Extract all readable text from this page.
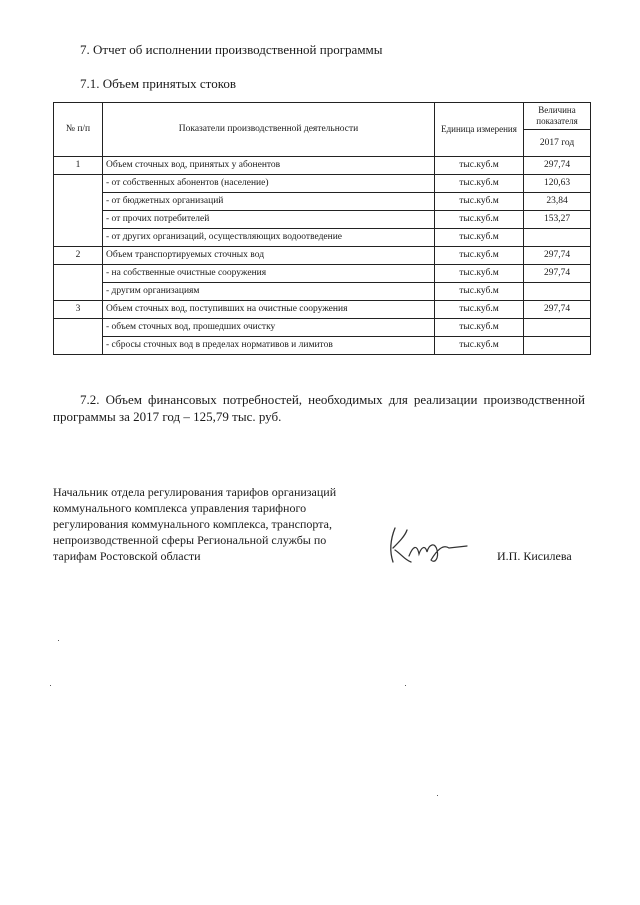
7. Отчет об исполнении производственной программы
7.1. Объем принятых стоков
№ п/п	Показатели производственной деятельности	Единица измерения	Величина показателя
			2017 год
1	Объем сточных вод, принятых у абонентов	тыс.куб.м	297,74
	- от собственных абонентов (население)	тыс.куб.м	120,63
	- от бюджетных организаций	тыс.куб.м	23,84
	- от прочих потребителей	тыс.куб.м	153,27
	- от других организаций, осуществляющих водоотведение	тыс.куб.м	
2	Объем транспортируемых сточных вод	тыс.куб.м	297,74
	- на собственные очистные сооружения	тыс.куб.м	297,74
	- другим организациям	тыс.куб.м	
3	Объем сточных вод, поступивших на очистные сооружения	тыс.куб.м	297,74
	- объем сточных вод, прошедших очистку	тыс.куб.м	
	- сбросы сточных вод в пределах нормативов и лимитов	тыс.куб.м	

7.2. Объем финансовых потребностей, необходимых для реализации производственной программы за 2017 год – 125,79 тыс. руб.

Начальник отдела регулирования тарифов организаций
коммунального комплекса управления тарифного
регулирования коммунального комплекса, транспорта,
непроизводственной сферы Региональной службы по
тарифам Ростовской области	И.П. Кисилева
